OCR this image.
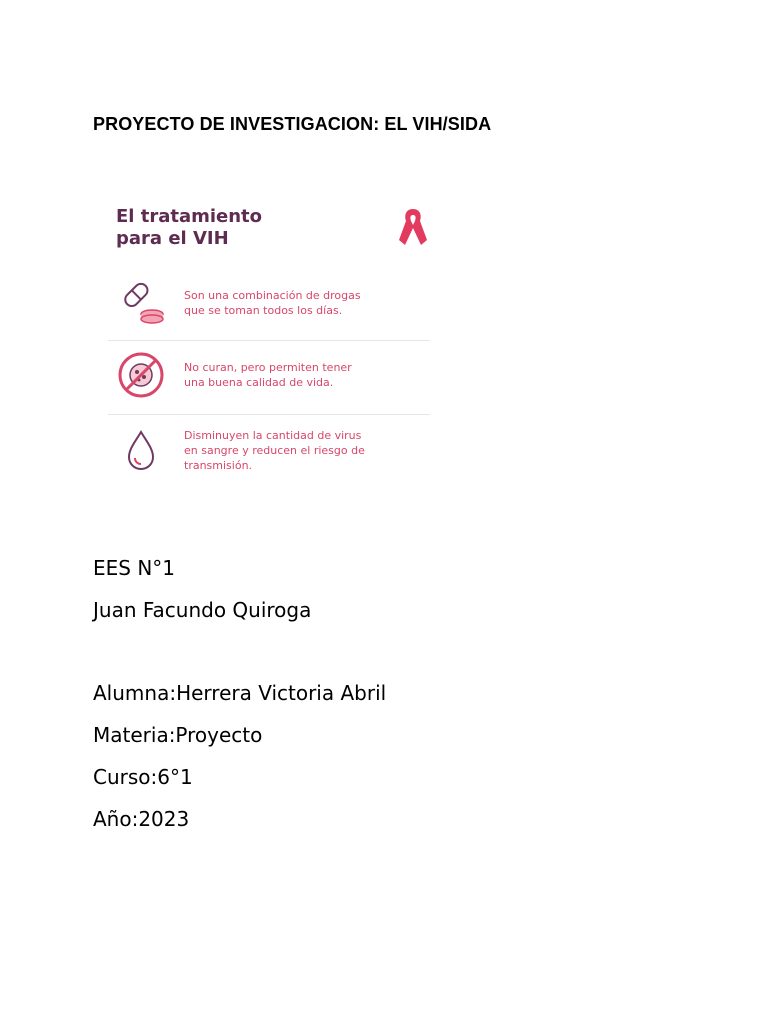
PROYECTO DE INVESTIGACION: EL VIH/SIDA
El tratamiento
para el VIH
Son una combinación de drogas
que se toman todos los días.
No curan, pero permiten tener
una buena calidad de vida.
Disminuyen la cantidad de virus
en sangre y reducen el riesgo de
transmisión.
EES N°1
Juan Facundo Quiroga
Alumna:Herrera Victoria Abril
Materia:Proyecto
Curso:6°1
Año:2023
